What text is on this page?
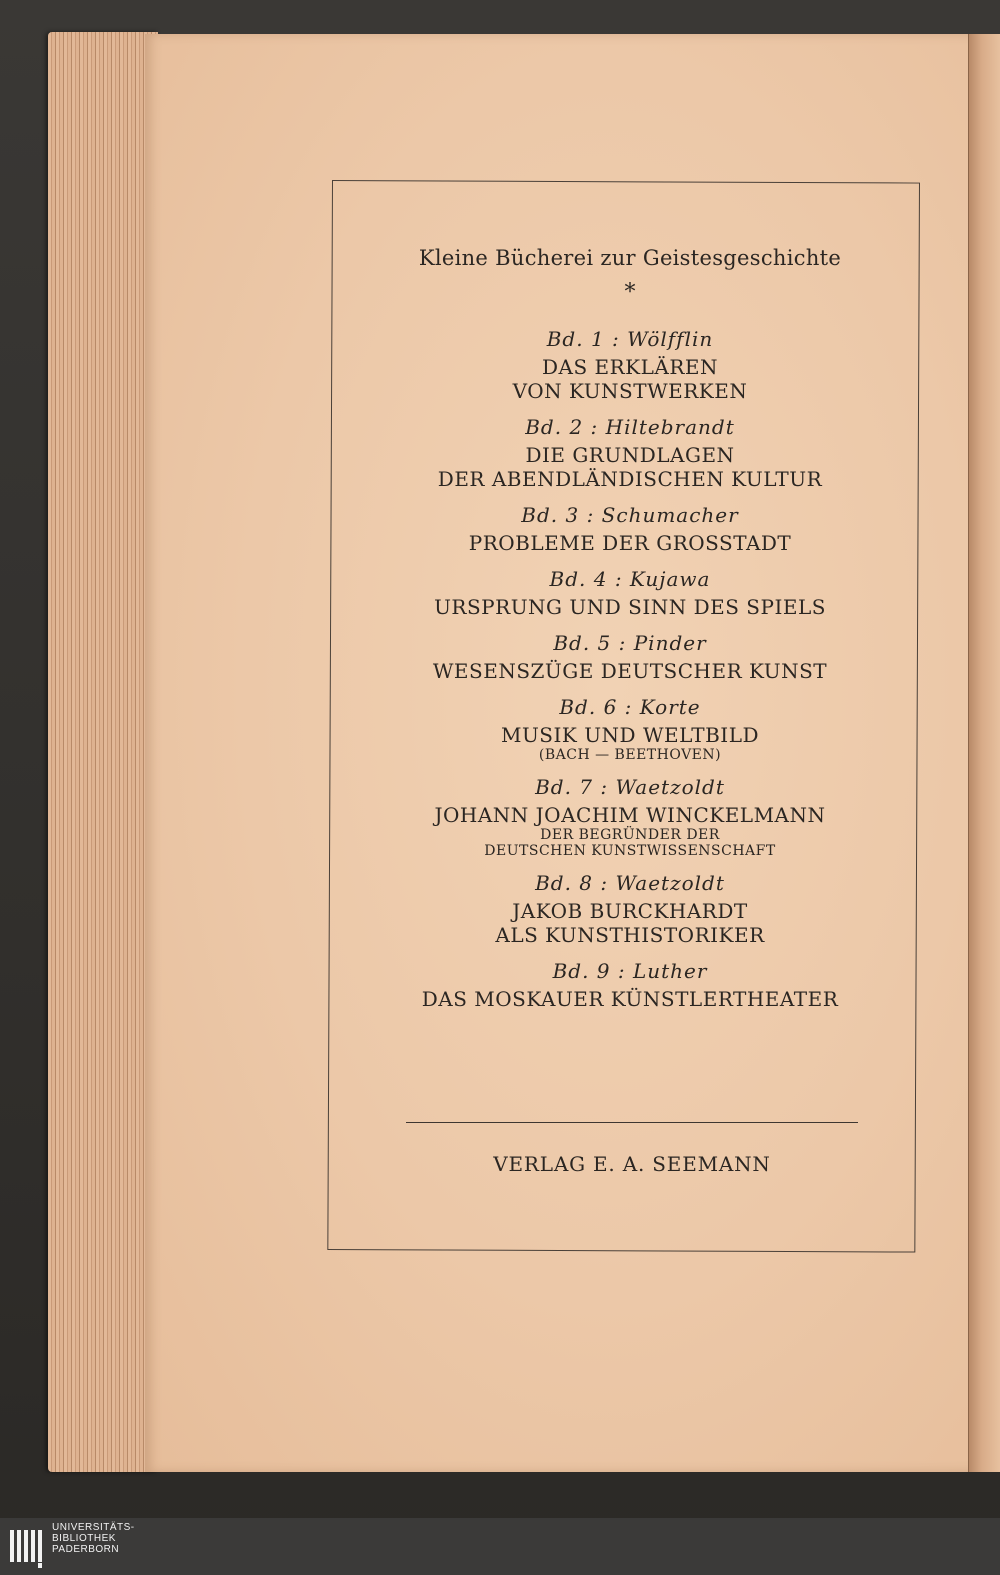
Kleine Bücherei zur Geistesgeschichte
*
Bd. 1 : Wölfflin
DAS ERKLÄREN
VON KUNSTWERKEN
Bd. 2 : Hiltebrandt
DIE GRUNDLAGEN
DER ABENDLÄNDISCHEN KULTUR
Bd. 3 : Schumacher
PROBLEME DER GROSSTADT
Bd. 4 : Kujawa
URSPRUNG UND SINN DES SPIELS
Bd. 5 : Pinder
WESENSZÜGE DEUTSCHER KUNST
Bd. 6 : Korte
MUSIK UND WELTBILD
(BACH — BEETHOVEN)
Bd. 7 : Waetzoldt
JOHANN JOACHIM WINCKELMANN
DER BEGRÜNDER DER
DEUTSCHEN KUNSTWISSENSCHAFT
Bd. 8 : Waetzoldt
JAKOB BURCKHARDT
ALS KUNSTHISTORIKER
Bd. 9 : Luther
DAS MOSKAUER KÜNSTLERTHEATER
VERLAG E. A. SEEMANN
UNIVERSITÄTS-
BIBLIOTHEK
PADERBORN
